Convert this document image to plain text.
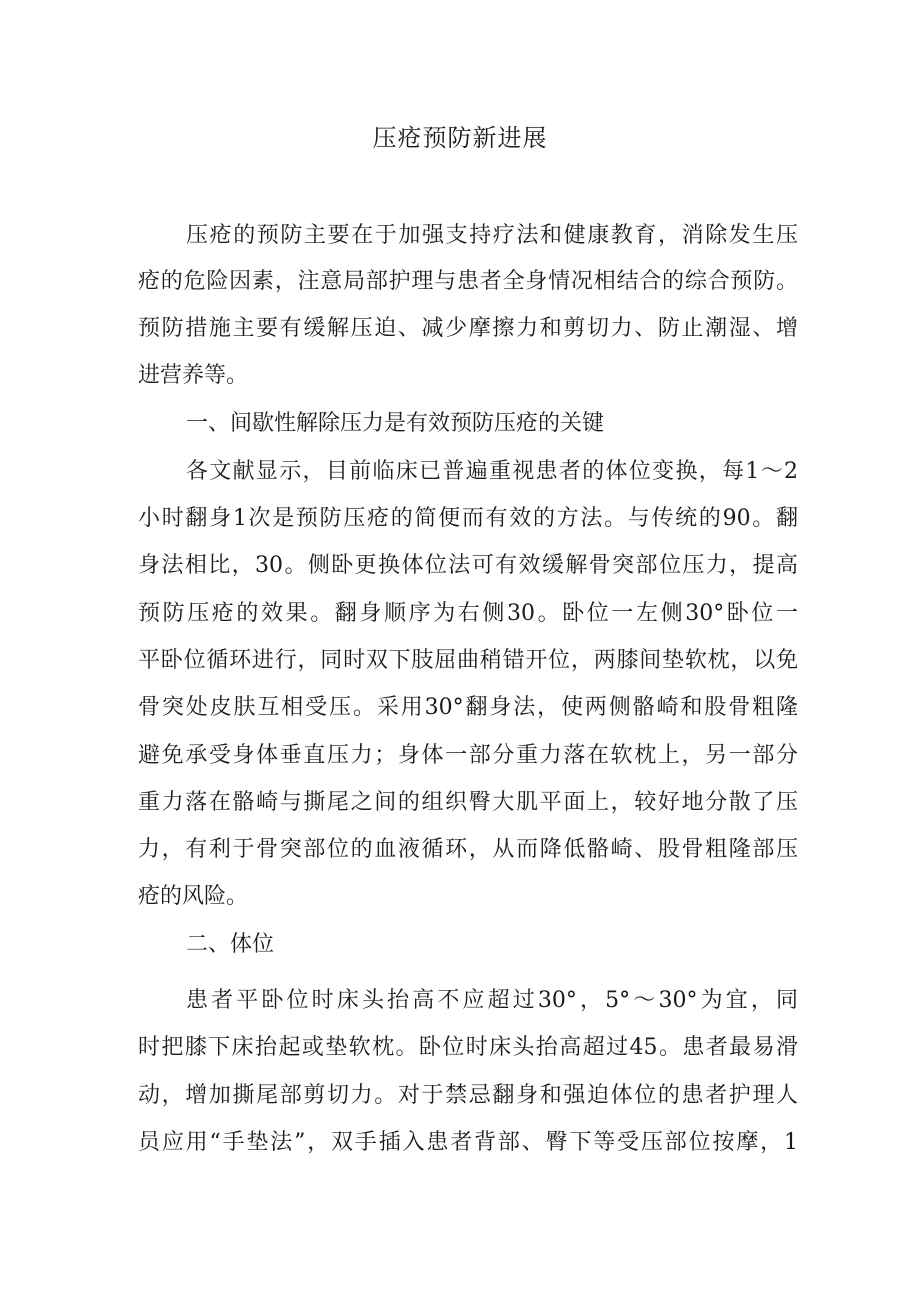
压疮预防新进展
压疮的预防主要在于加强支持疗法和健康教育，消除发生压
疮的危险因素，注意局部护理与患者全身情况相结合的综合预防。
预防措施主要有缓解压迫、减少摩擦力和剪切力、防止潮湿、增
进营养等。
一、间歇性解除压力是有效预防压疮的关键
各文献显示，目前临床已普遍重视患者的体位变换，每1～2
小时翻身1次是预防压疮的简便而有效的方法。与传统的90。翻
身法相比，30。侧卧更换体位法可有效缓解骨突部位压力，提高
预防压疮的效果。翻身顺序为右侧30。卧位一左侧30°卧位一
平卧位循环进行，同时双下肢屈曲稍错开位，两膝间垫软枕，以免
骨突处皮肤互相受压。采用30°翻身法，使两侧骼崎和股骨粗隆
避免承受身体垂直压力；身体一部分重力落在软枕上，另一部分
重力落在骼崎与撕尾之间的组织臀大肌平面上，较好地分散了压
力，有利于骨突部位的血液循环，从而降低骼崎、股骨粗隆部压
疮的风险。
二、体位
患者平卧位时床头抬高不应超过30°，5°～30°为宜，同
时把膝下床抬起或垫软枕。卧位时床头抬高超过45。患者最易滑
动，增加撕尾部剪切力。对于禁忌翻身和强迫体位的患者护理人
员应用“手垫法”，双手插入患者背部、臀下等受压部位按摩，1
